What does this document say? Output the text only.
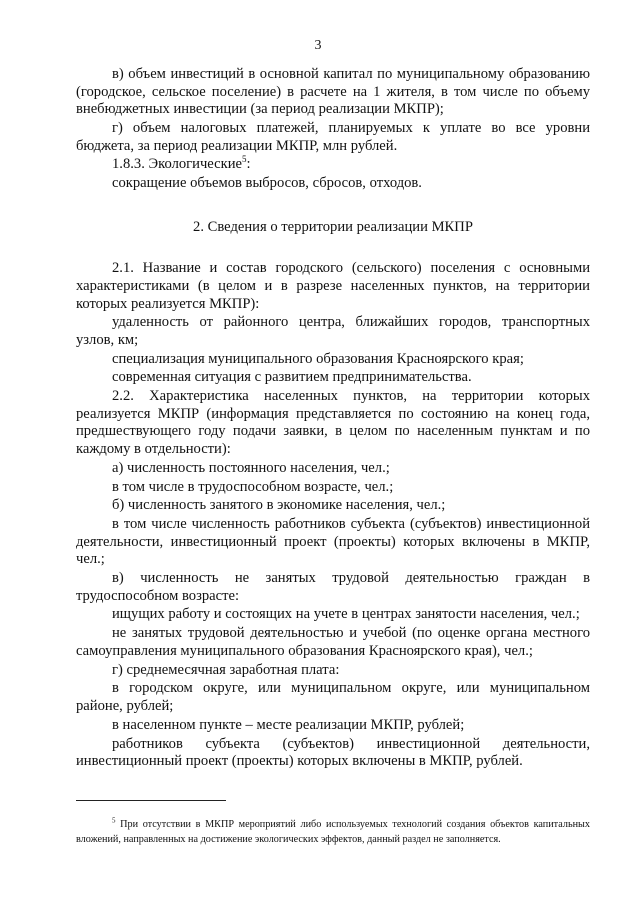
3

в) объем инвестиций в основной капитал по муниципальному образованию (городское, сельское поселение) в расчете на 1 жителя, в том числе по объему внебюджетных инвестиции (за период реализации МКПР);

г) объем налоговых платежей, планируемых к уплате во все уровни бюджета, за период реализации МКПР, млн рублей.

1.8.3. Экологические$^5$:

сокращение объемов выбросов, сбросов, отходов.

2. Сведения о территории реализации МКПР

2.1. Название и состав городского (сельского) поселения с основными характеристиками (в целом и в разрезе населенных пунктов, на территории которых реализуется МКПР):

удаленность от районного центра, ближайших городов, транспортных узлов, км;

специализация муниципального образования Красноярского края;

современная ситуация с развитием предпринимательства.

2.2. Характеристика населенных пунктов, на территории которых реализуется МКПР (информация представляется по состоянию на конец года, предшествующего году подачи заявки, в целом по населенным пунктам и по каждому в отдельности):

а) численность постоянного населения, чел.;

в том числе в трудоспособном возрасте, чел.;

б) численность занятого в экономике населения, чел.;

в том числе численность работников субъекта (субъектов) инвестиционной деятельности, инвестиционный проект (проекты) которых включены в МКПР, чел.;

в) численность не занятых трудовой деятельностью граждан в трудоспособном возрасте:

ищущих работу и состоящих на учете в центрах занятости населения, чел.;

не занятых трудовой деятельностью и учебой (по оценке органа местного самоуправления муниципального образования Красноярского края), чел.;

г) среднемесячная заработная плата:

в городском округе, или муниципальном округе, или муниципальном районе, рублей;

в населенном пункте – месте реализации МКПР, рублей;

работников субъекта (субъектов) инвестиционной деятельности, инвестиционный проект (проекты) которых включены в МКПР, рублей.

$^5$ При отсутствии в МКПР мероприятий либо используемых технологий создания объектов капитальных вложений, направленных на достижение экологических эффектов, данный раздел не заполняется.
